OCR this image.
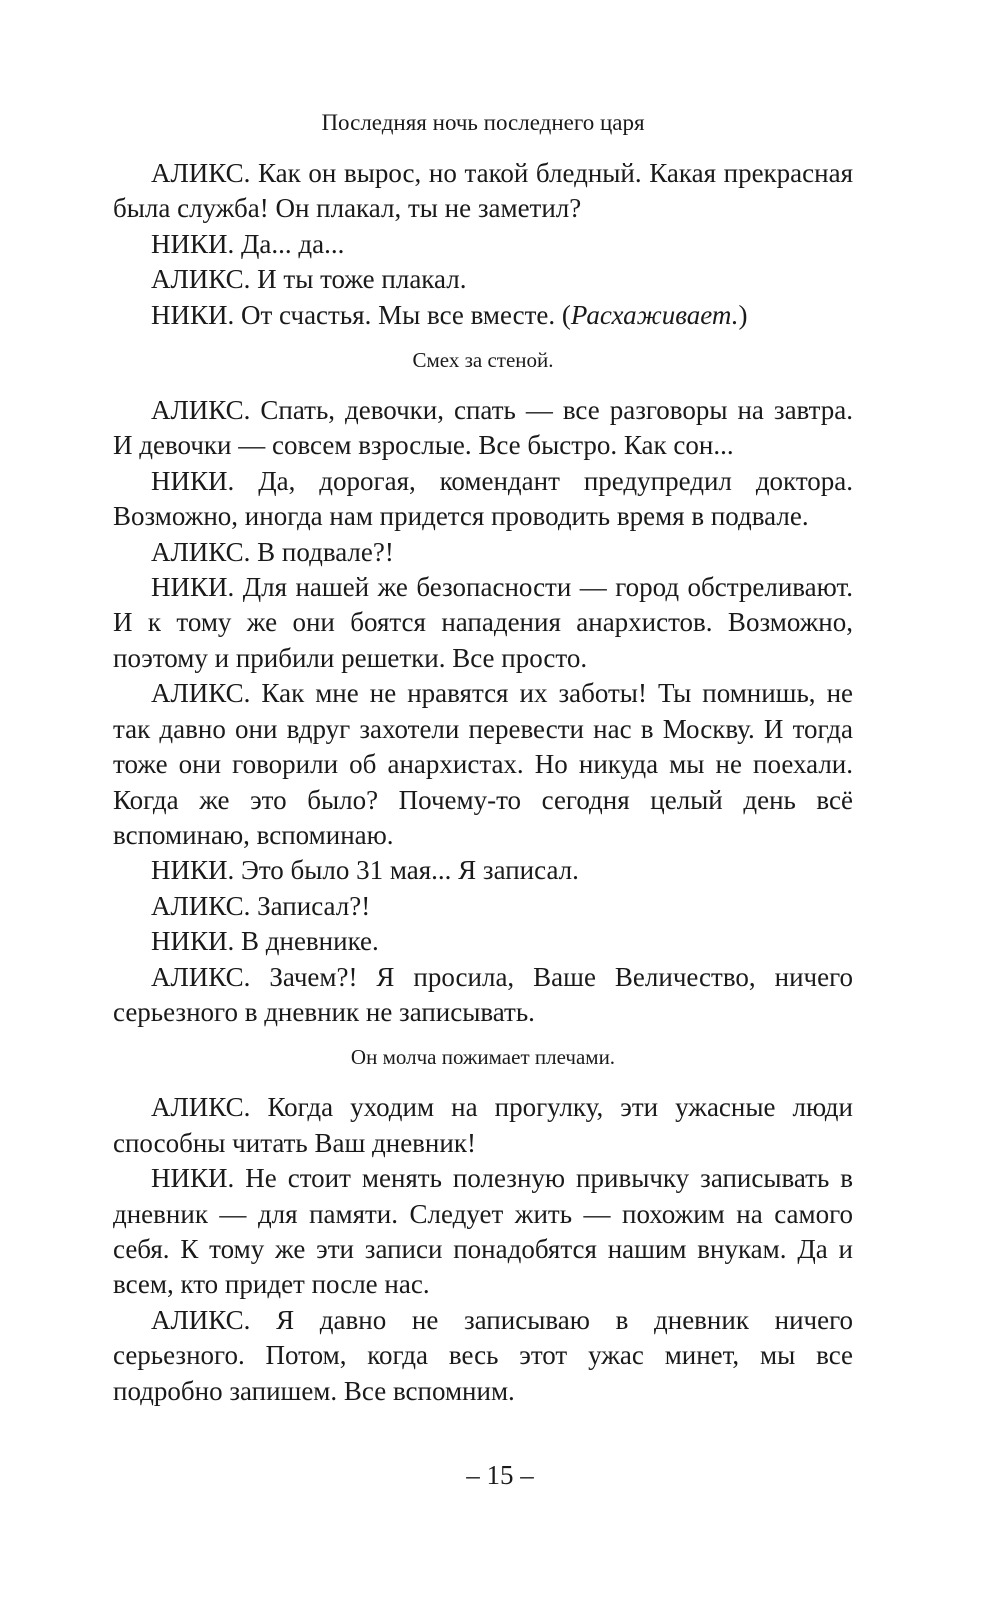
Последняя ночь последнего царя

АЛИКС. Как он вырос, но такой бледный. Какая прекрасная была служба! Он плакал, ты не заметил?

НИКИ. Да... да...

АЛИКС. И ты тоже плакал.

НИКИ. От счастья. Мы все вместе. (Расхаживает.)

Смех за стеной.

АЛИКС. Спать, девочки, спать — все разговоры на завтра. И девочки — совсем взрослые. Все быстро. Как сон...

НИКИ. Да, дорогая, комендант предупредил доктора. Возможно, иногда нам придется проводить время в подвале.

АЛИКС. В подвале?!

НИКИ. Для нашей же безопасности — город обстреливают. И к тому же они боятся нападения анархистов. Возможно, поэтому и прибили решетки. Все просто.

АЛИКС. Как мне не нравятся их заботы! Ты помнишь, не так давно они вдруг захотели перевести нас в Москву. И тогда тоже они говорили об анархистах. Но никуда мы не поехали. Когда же это было? Почему-то сегодня целый день всё вспоминаю, вспоминаю.

НИКИ. Это было 31 мая... Я записал.

АЛИКС. Записал?!

НИКИ. В дневнике.

АЛИКС. Зачем?! Я просила, Ваше Величество, ничего серьезного в дневник не записывать.

Он молча пожимает плечами.

АЛИКС. Когда уходим на прогулку, эти ужасные люди способны читать Ваш дневник!

НИКИ. Не стоит менять полезную привычку записывать в дневник — для памяти. Следует жить — похожим на самого себя. К тому же эти записи понадобятся нашим внукам. Да и всем, кто придет после нас.

АЛИКС. Я давно не записываю в дневник ничего серьезного. Потом, когда весь этот ужас минет, мы все подробно запишем. Все вспомним.

– 15 –
